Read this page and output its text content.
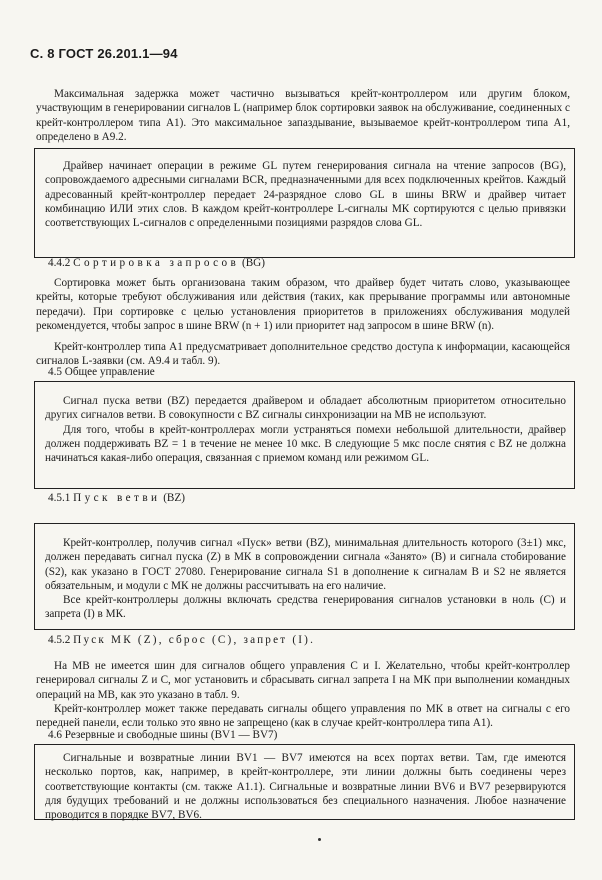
С. 8 ГОСТ 26.201.1—94

Максимальная задержка может частично вызываться крейт-контроллером или другим блоком, участвующим в генерировании сигналов L (например блок сортировки заявок на обслуживание, соединенных с крейт-контроллером типа А1). Это максимальное запаздывание, вызываемое крейт-контроллером типа А1, определено в А9.2.

Драйвер начинает операции в режиме GL путем генерирования сигнала на чтение запросов (BG), сопровождаемого адресными сигналами BCR, предназначенными для всех подключенных крейтов. Каждый адресованный крейт-контроллер передает 24-разрядное слово GL в шины BRW и драйвер читает комбинацию ИЛИ этих слов. В каждом крейт-контроллере L-сигналы МК сортируются с целью привязки соответствующих L-сигналов с определенными позициями разрядов слова GL.

4.4.2 Сортировка запросов (BG)

Сортировка может быть организована таким образом, что драйвер будет читать слово, указывающее крейты, которые требуют обслуживания или действия (таких, как прерывание программы или автономные передачи). При сортировке с целью установления приоритетов в приложениях обслуживания модулей рекомендуется, чтобы запрос в шине BRW (n + 1) или приоритет над запросом в шине BRW (n).

Крейт-контроллер типа А1 предусматривает дополнительное средство доступа к информации, касающейся сигналов L-заявки (см. А9.4 и табл. 9).

4.5 Общее управление

Сигнал пуска ветви (BZ) передается драйвером и обладает абсолютным приоритетом относительно других сигналов ветви. В совокупности с BZ сигналы синхронизации на МВ не используют.

Для того, чтобы в крейт-контроллерах могли устраняться помехи небольшой длительности, драйвер должен поддерживать BZ = 1 в течение не менее 10 мкс. В следующие 5 мкс после снятия с BZ не должна начинаться какая-либо операция, связанная с приемом команд или режимом GL.

4.5.1 Пуск ветви (BZ)

Крейт-контроллер, получив сигнал «Пуск» ветви (BZ), минимальная длительность которого (3±1) мкс, должен передавать сигнал пуска (Z) в МК в сопровождении сигнала «Занято» (В) и сигнала стобирование (S2), как указано в ГОСТ 27080. Генерирование сигнала S1 в дополнение к сигналам В и S2 не является обязательным, и модули с МК не должны рассчитывать на его наличие.

Все крейт-контроллеры должны включать средства генерирования сигналов установки в ноль (С) и запрета (I) в МК.

4.5.2 Пуск МК (Z), сброс (С), запрет (I).

На МВ не имеется шин для сигналов общего управления С и I. Желательно, чтобы крейт-контроллер генерировал сигналы Z и С, мог установить и сбрасывать сигнал запрета I на МК при выполнении командных операций на МВ, как это указано в табл. 9.

Крейт-контроллер может также передавать сигналы общего управления по МК в ответ на сигналы с его передней панели, если только это явно не запрещено (как в случае крейт-контроллера типа А1).

4.6 Резервные и свободные шины (BV1 — BV7)

Сигнальные и возвратные линии BV1 — BV7 имеются на всех портах ветви. Там, где имеются несколько портов, как, например, в крейт-контроллере, эти линии должны быть соединены через соответствующие контакты (см. также А1.1). Сигнальные и возвратные линии BV6 и BV7 резервируются для будущих требований и не должны использоваться без специального назначения. Любое назначение проводится в порядке BV7, BV6.
